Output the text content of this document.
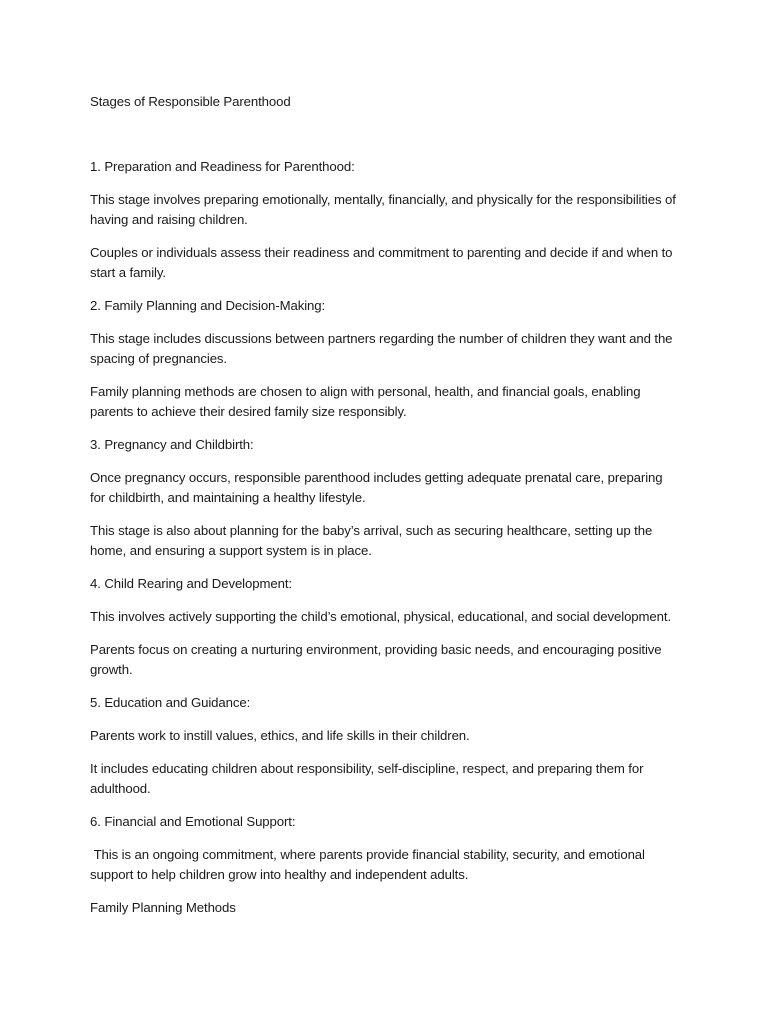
Stages of Responsible Parenthood

1. Preparation and Readiness for Parenthood:

This stage involves preparing emotionally, mentally, financially, and physically for the responsibilities of having and raising children.

Couples or individuals assess their readiness and commitment to parenting and decide if and when to start a family.

2. Family Planning and Decision-Making:

This stage includes discussions between partners regarding the number of children they want and the spacing of pregnancies.

Family planning methods are chosen to align with personal, health, and financial goals, enabling parents to achieve their desired family size responsibly.

3. Pregnancy and Childbirth:

Once pregnancy occurs, responsible parenthood includes getting adequate prenatal care, preparing for childbirth, and maintaining a healthy lifestyle.

This stage is also about planning for the baby’s arrival, such as securing healthcare, setting up the home, and ensuring a support system is in place.

4. Child Rearing and Development:

This involves actively supporting the child’s emotional, physical, educational, and social development.

Parents focus on creating a nurturing environment, providing basic needs, and encouraging positive growth.

5. Education and Guidance:

Parents work to instill values, ethics, and life skills in their children.

It includes educating children about responsibility, self-discipline, respect, and preparing them for adulthood.

6. Financial and Emotional Support:

This is an ongoing commitment, where parents provide financial stability, security, and emotional support to help children grow into healthy and independent adults.

Family Planning Methods
